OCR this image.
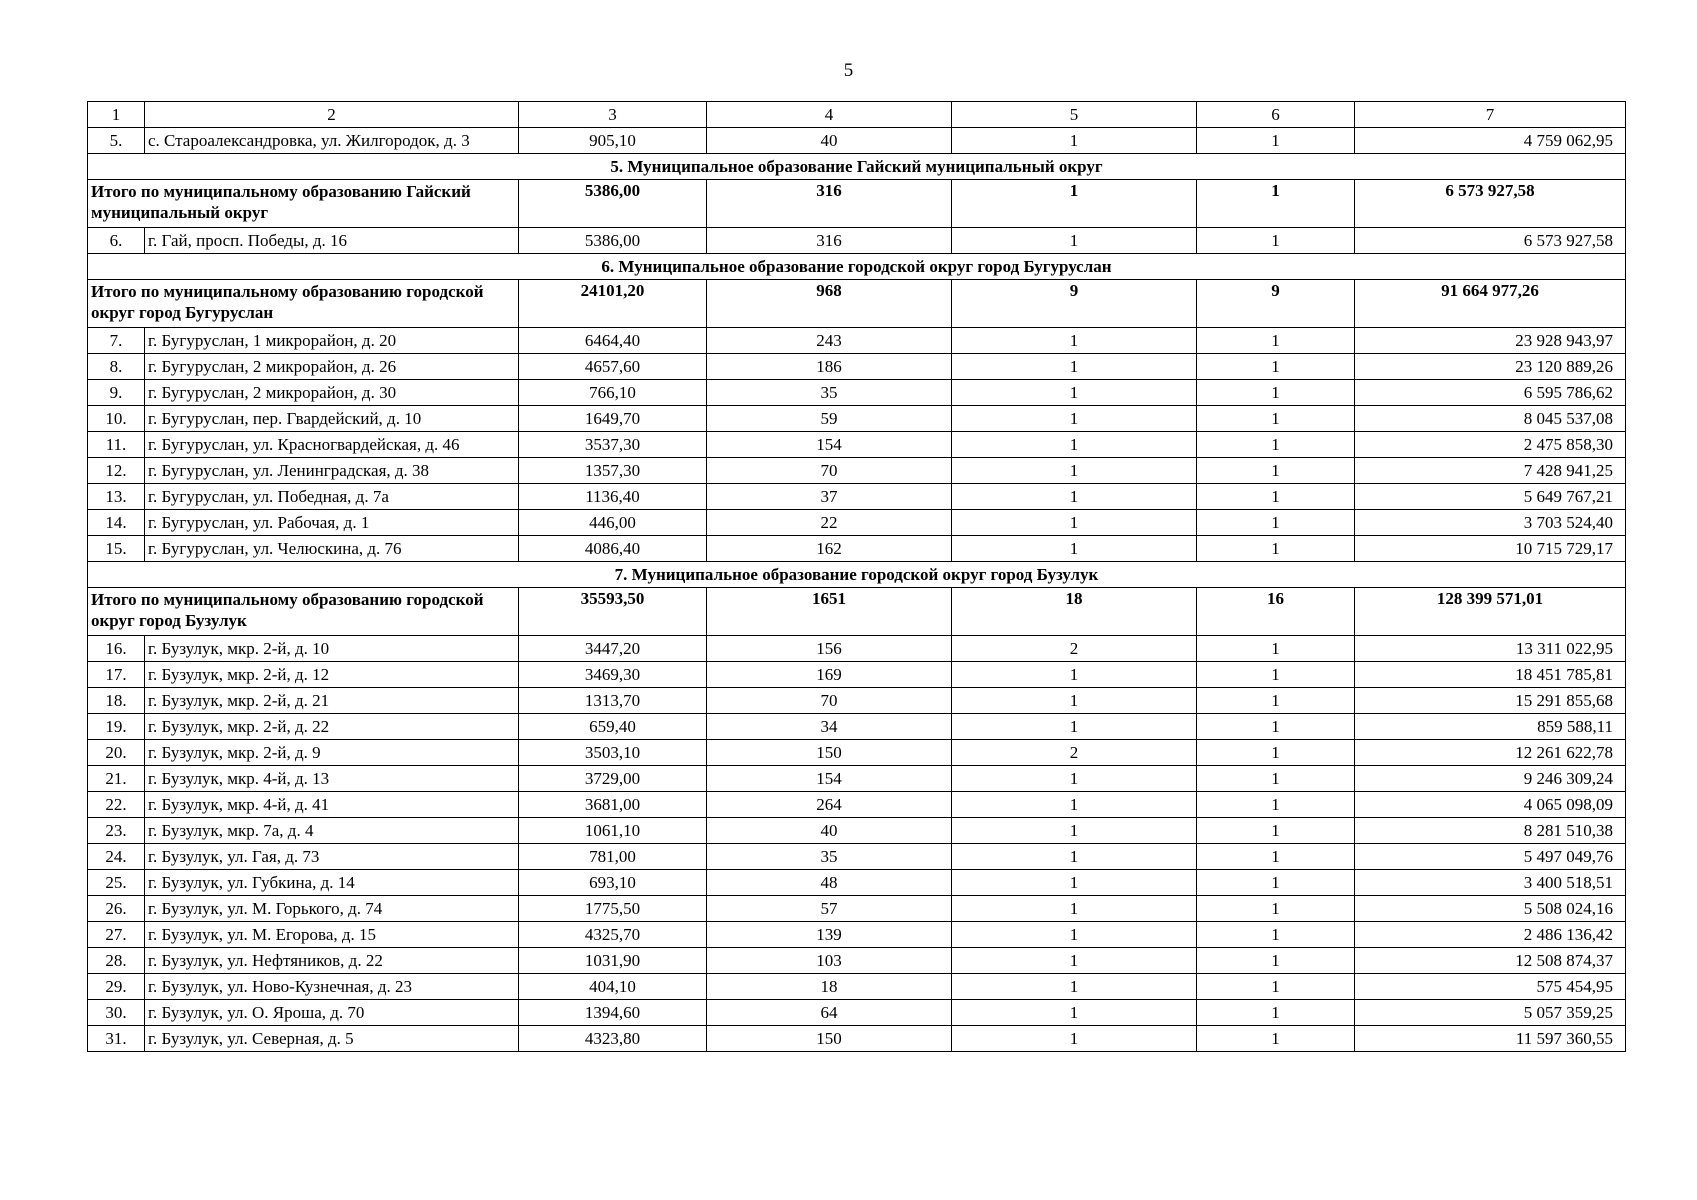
5
1	2	3	4	5	6	7
5.	с. Староалександровка, ул. Жилгородок, д. 3	905,10	40	1	1	4 759 062,95
5. Муниципальное образование Гайский муниципальный округ						
Итого по муниципальному образованию Гайский муниципальный округ		5386,00	316	1	1	6 573 927,58
6.	г. Гай, просп. Победы, д. 16	5386,00	316	1	1	6 573 927,58
6. Муниципальное образование городской округ город Бугуруслан						
Итого по муниципальному образованию городской округ город Бугуруслан		24101,20	968	9	9	91 664 977,26
7.	г. Бугуруслан, 1 микрорайон, д. 20	6464,40	243	1	1	23 928 943,97
8.	г. Бугуруслан, 2 микрорайон, д. 26	4657,60	186	1	1	23 120 889,26
9.	г. Бугуруслан, 2 микрорайон, д. 30	766,10	35	1	1	6 595 786,62
10.	г. Бугуруслан, пер. Гвардейский, д. 10	1649,70	59	1	1	8 045 537,08
11.	г. Бугуруслан, ул. Красногвардейская, д. 46	3537,30	154	1	1	2 475 858,30
12.	г. Бугуруслан, ул. Ленинградская, д. 38	1357,30	70	1	1	7 428 941,25
13.	г. Бугуруслан, ул. Победная, д. 7а	1136,40	37	1	1	5 649 767,21
14.	г. Бугуруслан, ул. Рабочая, д. 1	446,00	22	1	1	3 703 524,40
15.	г. Бугуруслан, ул. Челюскина, д. 76	4086,40	162	1	1	10 715 729,17
7. Муниципальное образование городской округ город Бузулук						
Итого по муниципальному образованию городской округ город Бузулук		35593,50	1651	18	16	128 399 571,01
16.	г. Бузулук, мкр. 2-й, д. 10	3447,20	156	2	1	13 311 022,95
17.	г. Бузулук, мкр. 2-й, д. 12	3469,30	169	1	1	18 451 785,81
18.	г. Бузулук, мкр. 2-й, д. 21	1313,70	70	1	1	15 291 855,68
19.	г. Бузулук, мкр. 2-й, д. 22	659,40	34	1	1	859 588,11
20.	г. Бузулук, мкр. 2-й, д. 9	3503,10	150	2	1	12 261 622,78
21.	г. Бузулук, мкр. 4-й, д. 13	3729,00	154	1	1	9 246 309,24
22.	г. Бузулук, мкр. 4-й, д. 41	3681,00	264	1	1	4 065 098,09
23.	г. Бузулук, мкр. 7а, д. 4	1061,10	40	1	1	8 281 510,38
24.	г. Бузулук, ул. Гая, д. 73	781,00	35	1	1	5 497 049,76
25.	г. Бузулук, ул. Губкина, д. 14	693,10	48	1	1	3 400 518,51
26.	г. Бузулук, ул. М. Горького, д. 74	1775,50	57	1	1	5 508 024,16
27.	г. Бузулук, ул. М. Егорова, д. 15	4325,70	139	1	1	2 486 136,42
28.	г. Бузулук, ул. Нефтяников, д. 22	1031,90	103	1	1	12 508 874,37
29.	г. Бузулук, ул. Ново-Кузнечная, д. 23	404,10	18	1	1	575 454,95
30.	г. Бузулук, ул. О. Яроша, д. 70	1394,60	64	1	1	5 057 359,25
31.	г. Бузулук, ул. Северная, д. 5	4323,80	150	1	1	11 597 360,55
